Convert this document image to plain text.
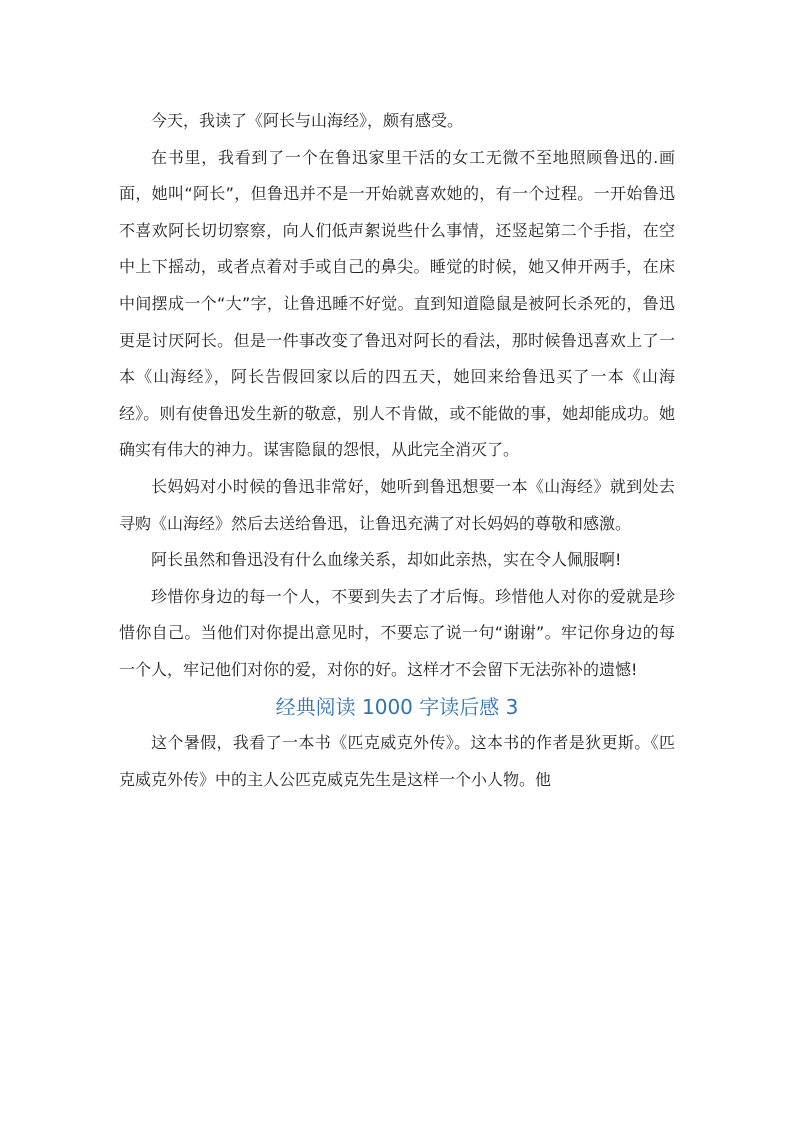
今天，我读了《阿长与山海经》，颇有感受。

在书里，我看到了一个在鲁迅家里干活的女工无微不至地照顾鲁迅的.画面，她叫“阿长”，但鲁迅并不是一开始就喜欢她的，有一个过程。一开始鲁迅不喜欢阿长切切察察，向人们低声絮说些什么事情，还竖起第二个手指，在空中上下摇动，或者点着对手或自己的鼻尖。睡觉的时候，她又伸开两手，在床中间摆成一个“大”字，让鲁迅睡不好觉。直到知道隐鼠是被阿长杀死的，鲁迅更是讨厌阿长。但是一件事改变了鲁迅对阿长的看法，那时候鲁迅喜欢上了一本《山海经》，阿长告假回家以后的四五天，她回来给鲁迅买了一本《山海经》。则有使鲁迅发生新的敬意，别人不肯做，或不能做的事，她却能成功。她确实有伟大的神力。谋害隐鼠的怨恨，从此完全消灭了。

长妈妈对小时候的鲁迅非常好，她听到鲁迅想要一本《山海经》就到处去寻购《山海经》然后去送给鲁迅，让鲁迅充满了对长妈妈的尊敬和感激。

阿长虽然和鲁迅没有什么血缘关系，却如此亲热，实在令人佩服啊!

珍惜你身边的每一个人，不要到失去了才后悔。珍惜他人对你的爱就是珍惜你自己。当他们对你提出意见时，不要忘了说一句“谢谢”。牢记你身边的每一个人，牢记他们对你的爱，对你的好。这样才不会留下无法弥补的遗憾!

经典阅读 1000 字读后感 3

这个暑假，我看了一本书《匹克威克外传》。这本书的作者是狄更斯。《匹克威克外传》中的主人公匹克威克先生是这样一个小人物。他
